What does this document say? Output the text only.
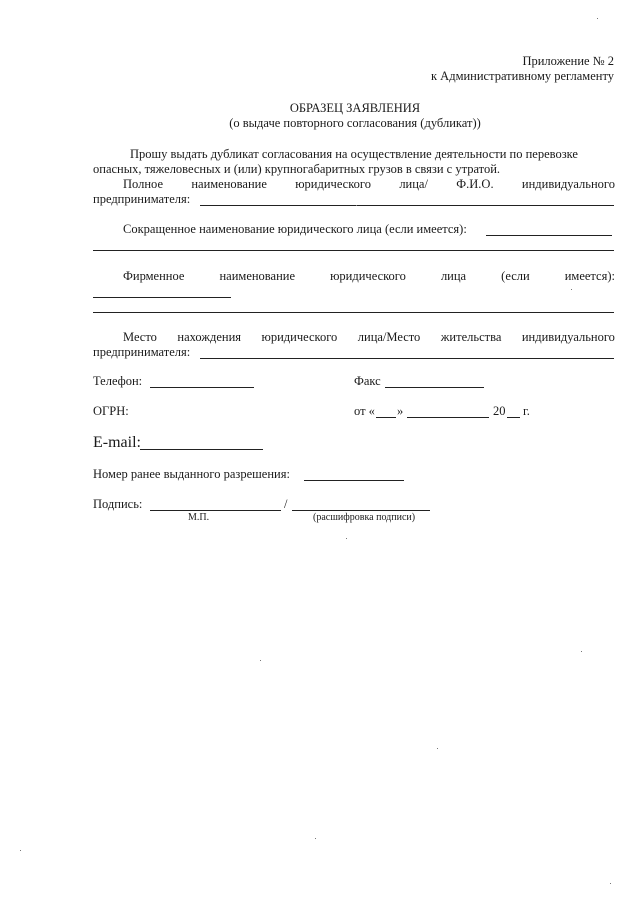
Приложение № 2
к Административному регламенту
ОБРАЗЕЦ ЗАЯВЛЕНИЯ
(о выдаче повторного согласования (дубликат))
Прошу выдать дубликат согласования на осуществление деятельности по перевозке
опасных, тяжеловесных и (или) крупногабаритных грузов в связи с утратой.
Полное наименование юридического лица/ Ф.И.О. индивидуального
предпринимателя:
Сокращенное наименование юридического лица (если имеется):
Фирменное	наименование	юридического	лица	(если	имеется):
Место нахождения юридического лица/Место жительства индивидуального
предпринимателя:
Телефон:	Факс
ОГРН:	от « »	20 г.
E-mail:
Номер ранее выданного разрешения:
Подпись:	/
М.П.	(расшифровка подписи)
